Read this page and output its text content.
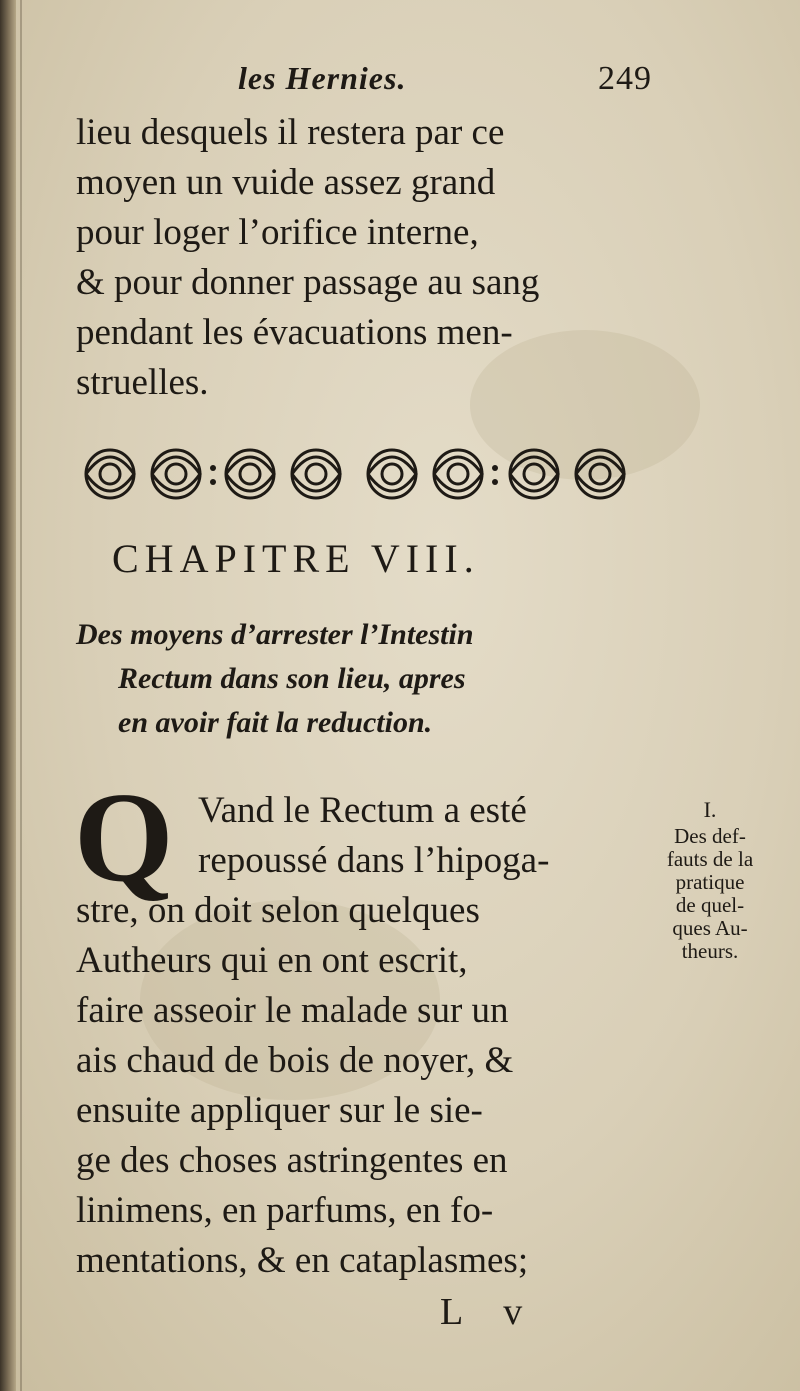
les Hernies.	249
lieu desquels il restera par ce
moyen un vuide assez grand
pour loger l’orifice interne,
& pour donner passage au sang
pendant les évacuations men-
struelles.
CHAPITRE VIII.
Des moyens d’arrester l’Intestin
Rectum dans son lieu, apres
en avoir fait la reduction.
Q Vand le Rectum a esté
repoussé dans l’hipoga-
stre, on doit selon quelques
Autheurs qui en ont escrit,
faire asseoir le malade sur un
ais chaud de bois de noyer, &
ensuite appliquer sur le sie-
ge des choses astringentes en
linimens, en parfums, en fo-
mentations, & en cataplasmes;
I.
Des def-
fauts de la
pratique
de quel-
ques Au-
theurs.
L v
